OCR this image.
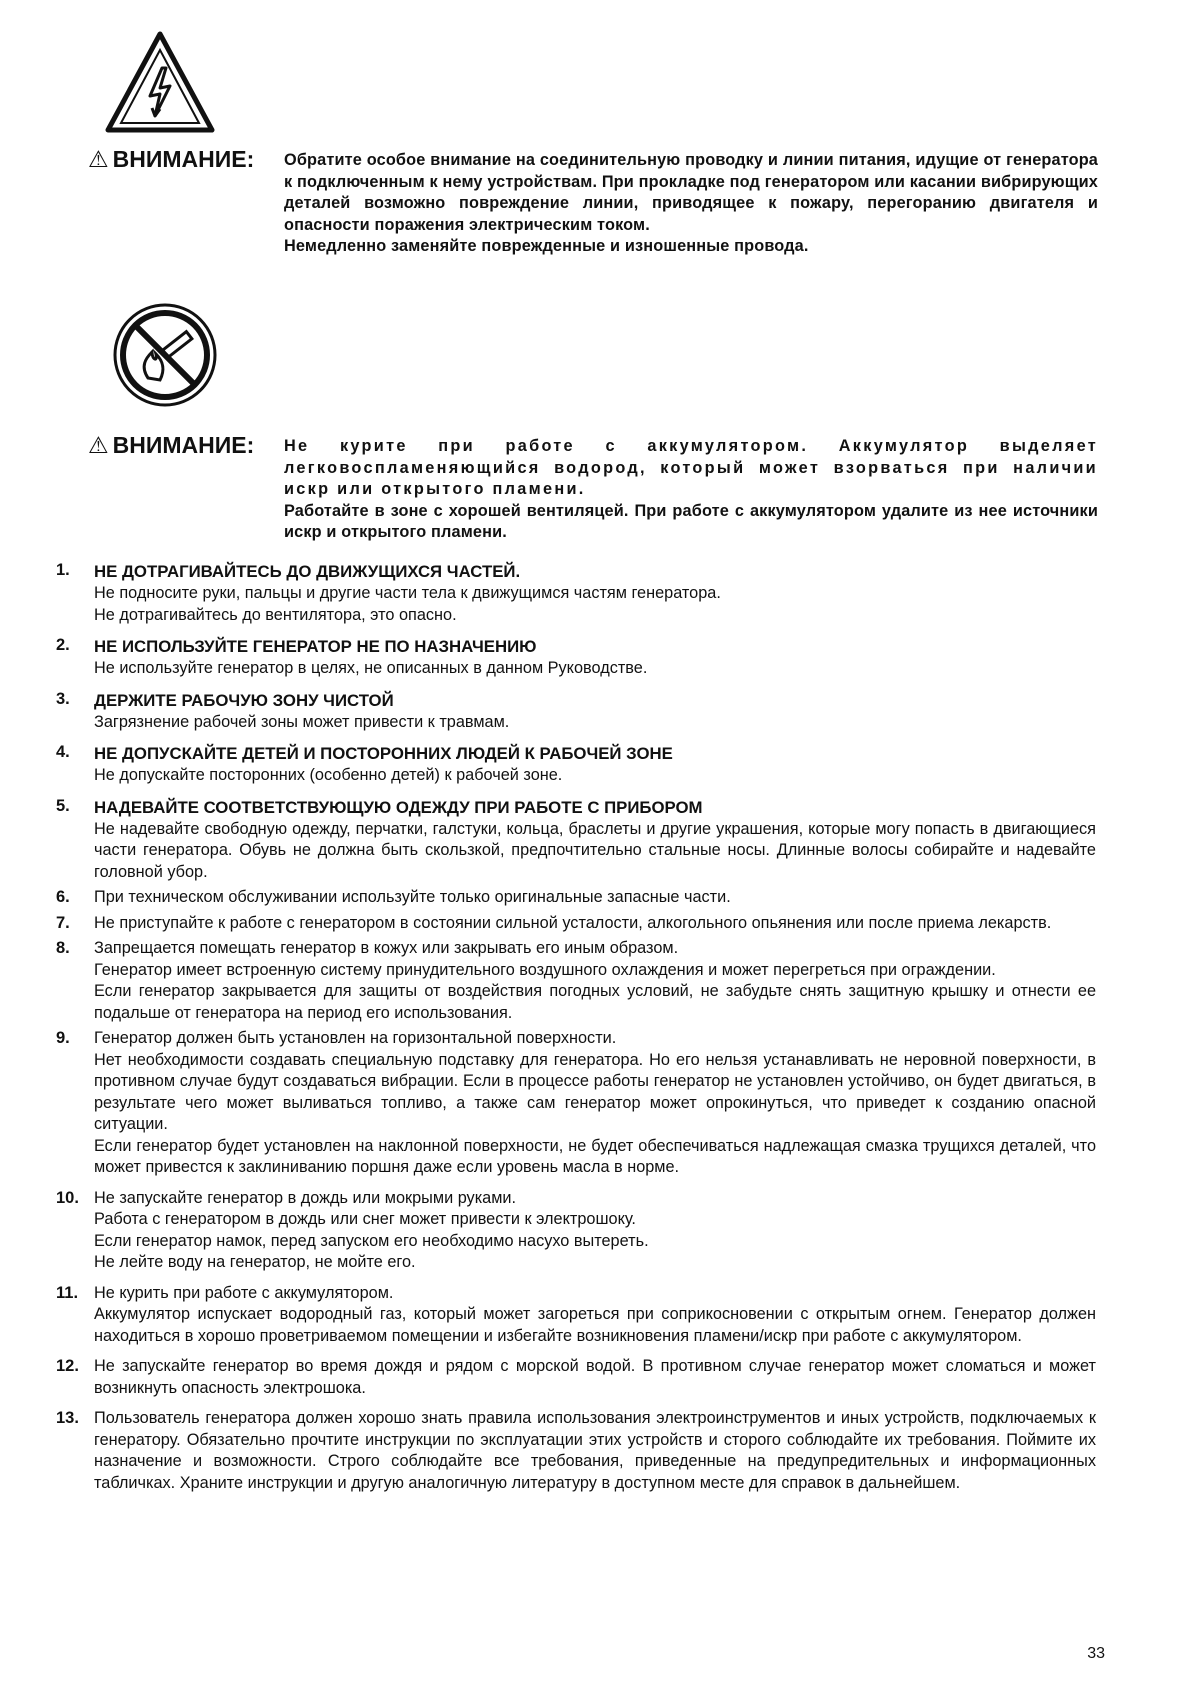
⚠ ВНИМАНИЕ: Обратите особое внимание на соединительную проводку и линии питания, идущие от генератора к подключенным к нему устройствам. При прокладке под генератором или касании вибрирующих деталей возможно повреждение линии, приводящее к пожару, перегоранию двигателя и опасности поражения электрическим током.

Немедленно заменяйте поврежденные и изношенные провода.

⚠ ВНИМАНИЕ: Не курите при работе с аккумулятором. Аккумулятор выделяет легковоспламеняющийся водород, который может взорваться при наличии искр или открытого пламени.

Работайте в зоне с хорошей вентиляцей. При работе с аккумулятором удалите из нее источники искр и открытого пламени.

1.	НЕ ДОТРАГИВАЙТЕСЬ ДО ДВИЖУЩИХСЯ ЧАСТЕЙ.

Не подносите руки, пальцы и другие части тела к движущимся частям генератора.

Не дотрагивайтесь до вентилятора, это опасно.

2.	НЕ ИСПОЛЬЗУЙТЕ ГЕНЕРАТОР НЕ ПО НАЗНАЧЕНИЮ

Не используйте генератор в целях, не описанных в данном Руководстве.

3.	ДЕРЖИТЕ РАБОЧУЮ ЗОНУ ЧИСТОЙ

Загрязнение рабочей зоны может привести к травмам.

4.	НЕ ДОПУСКАЙТЕ ДЕТЕЙ И ПОСТОРОННИХ ЛЮДЕЙ К РАБОЧЕЙ ЗОНЕ

Не допускайте посторонних (особенно детей) к рабочей зоне.

5.	НАДЕВАЙТЕ СООТВЕТСТВУЮЩУЮ ОДЕЖДУ ПРИ РАБОТЕ С ПРИБОРОМ

Не надевайте свободную одежду, перчатки, галстуки, кольца, браслеты и другие украшения, которые могу попасть в двигающиеся части генератора. Обувь не должна быть скользкой, предпочтительно стальные носы. Длинные волосы собирайте и надевайте головной убор.

6.	При техническом обслуживании используйте только оригинальные запасные части.

7.	Не приступайте к работе с генератором в состоянии сильной усталости, алкогольного опьянения или после приема лекарств.

8.	Запрещается помещать генератор в кожух или закрывать его иным образом.

Генератор имеет встроенную систему принудительного воздушного охлаждения и может перегреться при ограждении.

Если генератор закрывается для защиты от воздействия погодных условий, не забудьте снять защитную крышку и отнести ее подальше от генератора на период его использования.

9.	Генератор должен быть установлен на горизонтальной поверхности.

Нет необходимости создавать специальную подставку для генератора. Но его нельзя устанавливать не неровной поверхности, в противном случае будут создаваться вибрации. Если в процессе работы генератор не установлен устойчиво, он будет двигаться, в результате чего может выливаться топливо, а также сам генератор может опрокинуться, что приведет к созданию опасной ситуации.

Если генератор будет установлен на наклонной поверхности, не будет обеспечиваться надлежащая смазка трущихся деталей, что может привестся к заклиниванию поршня даже если уровень масла в норме.

10. Не запускайте генератор в дождь или мокрыми руками.

Работа с генератором в дождь или снег может привести к электрошоку.

Если генератор намок, перед запуском его необходимо насухо вытереть.

Не лейте воду на генератор, не мойте его.

11. Не курить при работе с аккумулятором.

Аккумулятор испускает водородный газ, который может загореться при соприкосновении с открытым огнем. Генератор должен находиться в хорошо проветриваемом помещении и избегайте возникновения пламени/искр при работе с аккумулятором.

12. Не запускайте генератор во время дождя и рядом с морской водой. В противном случае генератор может сломаться и может возникнуть опасность электрошока.

13. Пользователь генератора должен хорошо знать правила использования электроинструментов и иных устройств, подключаемых к генератору. Обязательно прочтите инструкции по эксплуатации этих устройств и сторого соблюдайте их требования. Поймите их назначение и возможности. Строго соблюдайте все требования, приведенные на предупредительных и информационных табличках. Храните инструкции и другую аналогичную литературу в доступном месте для справок в дальнейшем.

33
